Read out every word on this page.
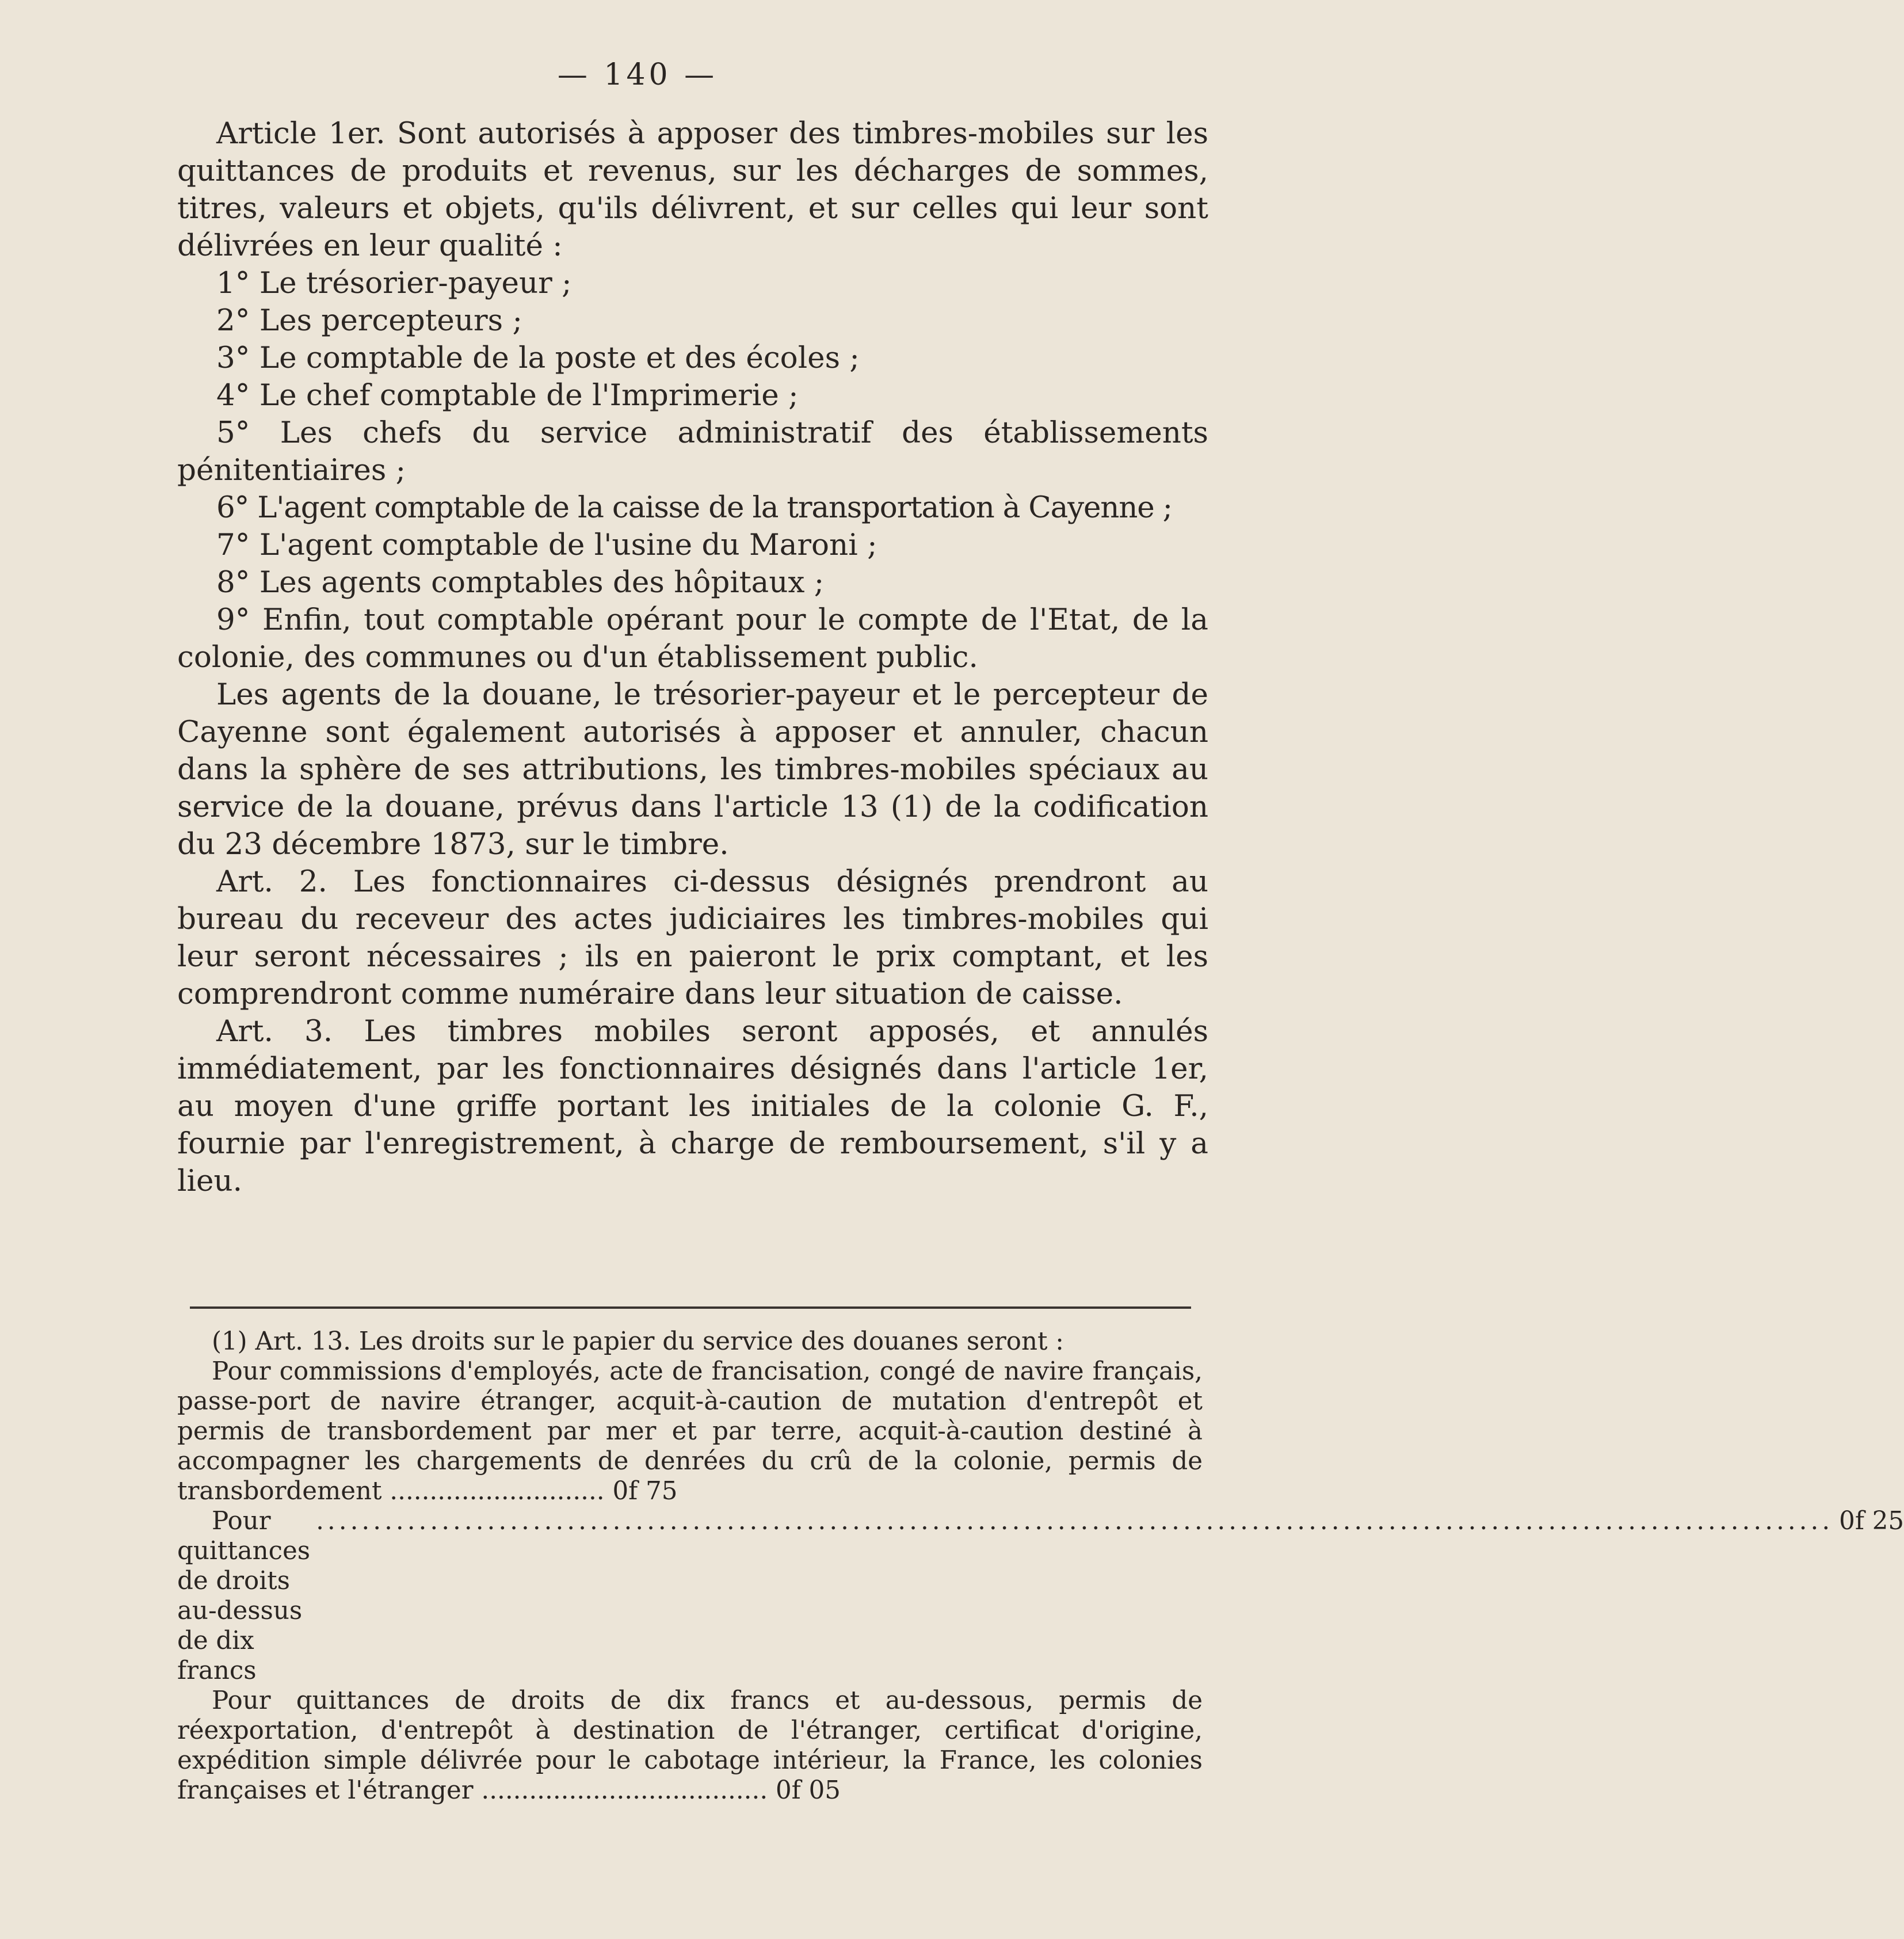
— 140 —

Article 1er. Sont autorisés à apposer des timbres-mobiles sur les quittances de produits et revenus, sur les décharges de sommes, titres, valeurs et objets, qu'ils délivrent, et sur celles qui leur sont délivrées en leur qualité :

1° Le trésorier-payeur ;

2° Les percepteurs ;

3° Le comptable de la poste et des écoles ;

4° Le chef comptable de l'Imprimerie ;

5° Les chefs du service administratif des établissements pénitentiaires ;

6° L'agent comptable de la caisse de la transportation à Cayenne ;

7° L'agent comptable de l'usine du Maroni ;

8° Les agents comptables des hôpitaux ;

9° Enfin, tout comptable opérant pour le compte de l'Etat, de la colonie, des communes ou d'un établissement public.

Les agents de la douane, le trésorier-payeur et le percepteur de Cayenne sont également autorisés à apposer et annuler, chacun dans la sphère de ses attributions, les timbres-mobiles spéciaux au service de la douane, prévus dans l'article 13 (1) de la codification du 23 décembre 1873, sur le timbre.

Art. 2. Les fonctionnaires ci-dessus désignés prendront au bureau du receveur des actes judiciaires les timbres-mobiles qui leur seront nécessaires ; ils en paieront le prix comptant, et les comprendront comme numéraire dans leur situation de caisse.

Art. 3. Les timbres mobiles seront apposés, et annulés immédiatement, par les fonctionnaires désignés dans l'article 1er, au moyen d'une griffe portant les initiales de la colonie G. F., fournie par l'enregistrement, à charge de remboursement, s'il y a lieu.

(1) Art. 13. Les droits sur le papier du service des douanes seront :

Pour commissions d'employés, acte de francisation, congé de navire français, passe-port de navire étranger, acquit-à-caution de mutation d'entrepôt et permis de transbordement par mer et par terre, acquit-à-caution destiné à accompagner les chargements de denrées du crû de la colonie, permis de transbordement ........................... 0f 75

Pour quittances de droits au-dessus de dix francs
..................................................................................................................................... 0f 25

Pour quittances de droits de dix francs et au-dessous, permis de réexportation, d'entrepôt à destination de l'étranger, certificat d'origine, expédition simple délivrée pour le cabotage intérieur, la France, les colonies françaises et l'étranger .................................... 0f 05
